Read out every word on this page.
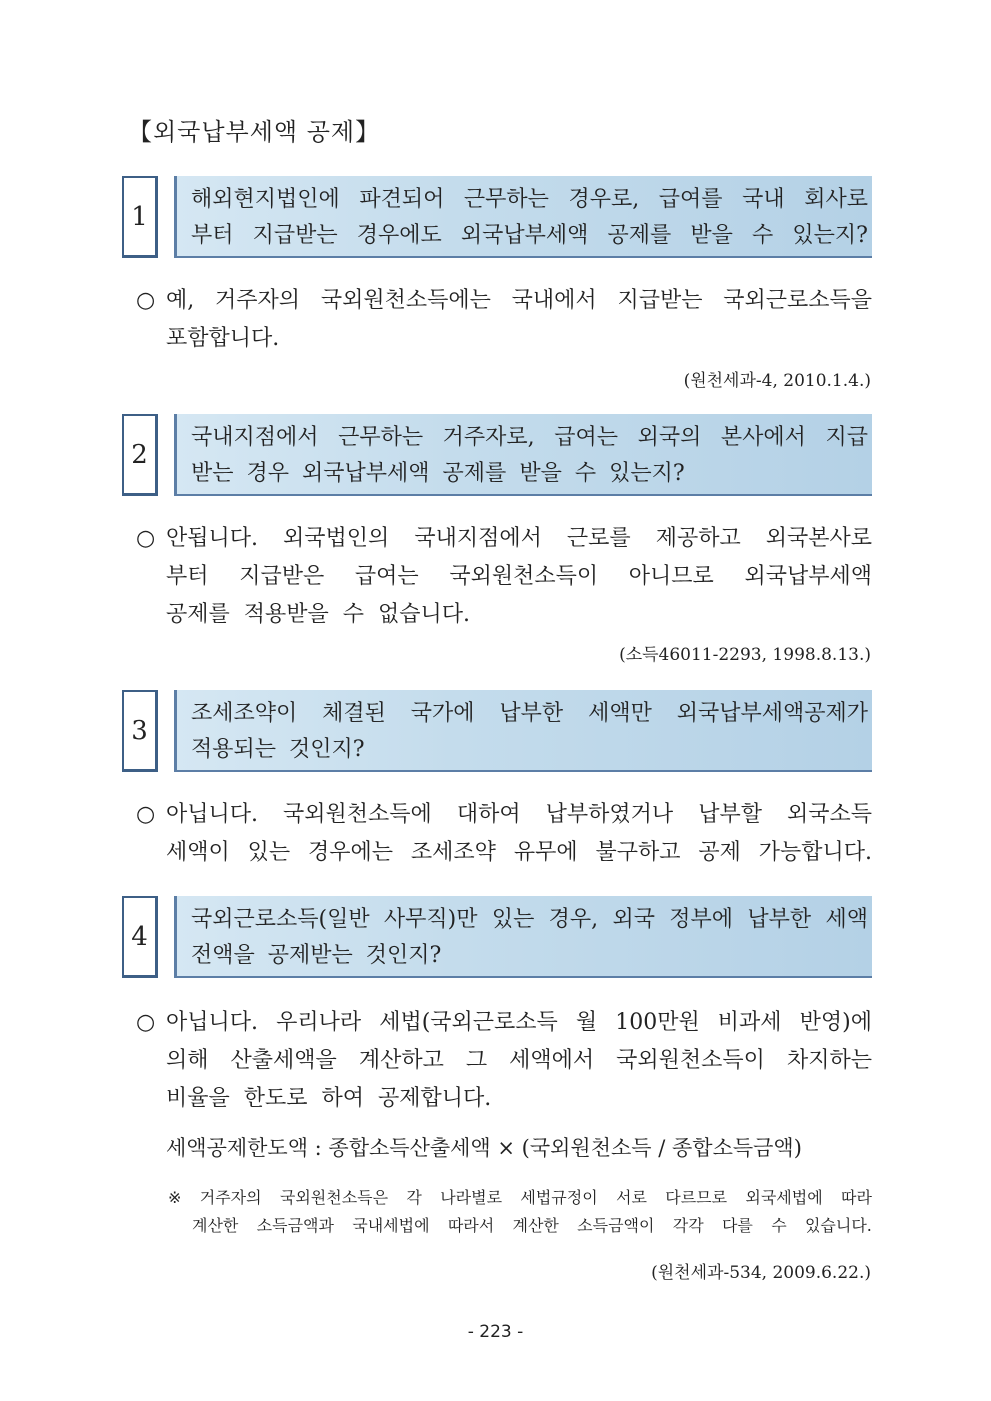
【외국납부세액 공제】
1
해외현지법인에 파견되어 근무하는 경우로, 급여를 국내 회사로
부터 지급받는 경우에도 외국납부세액 공제를 받을 수 있는지?
○ 예, 거주자의 국외원천소득에는 국내에서 지급받는 국외근로소득을
포함합니다.
(원천세과-4, 2010.1.4.)
2
국내지점에서 근무하는 거주자로, 급여는 외국의 본사에서 지급
받는 경우 외국납부세액 공제를 받을 수 있는지?
○ 안됩니다. 외국법인의 국내지점에서 근로를 제공하고 외국본사로
부터 지급받은 급여는 국외원천소득이 아니므로 외국납부세액
공제를 적용받을 수 없습니다.
(소득46011-2293, 1998.8.13.)
3
조세조약이 체결된 국가에 납부한 세액만 외국납부세액공제가
적용되는 것인지?
○ 아닙니다. 국외원천소득에 대하여 납부하였거나 납부할 외국소득
세액이 있는 경우에는 조세조약 유무에 불구하고 공제 가능합니다.
4
국외근로소득(일반 사무직)만 있는 경우, 외국 정부에 납부한 세액
전액을 공제받는 것인지?
○ 아닙니다. 우리나라 세법(국외근로소득 월 100만원 비과세 반영)에
의해 산출세액을 계산하고 그 세액에서 국외원천소득이 차지하는
비율을 한도로 하여 공제합니다.
세액공제한도액 : 종합소득산출세액 × (국외원천소득 / 종합소득금액)
※ 거주자의 국외원천소득은 각 나라별로 세법규정이 서로 다르므로 외국세법에 따라
계산한 소득금액과 국내세법에 따라서 계산한 소득금액이 각각 다를 수 있습니다.
(원천세과-534, 2009.6.22.)
- 223 -
